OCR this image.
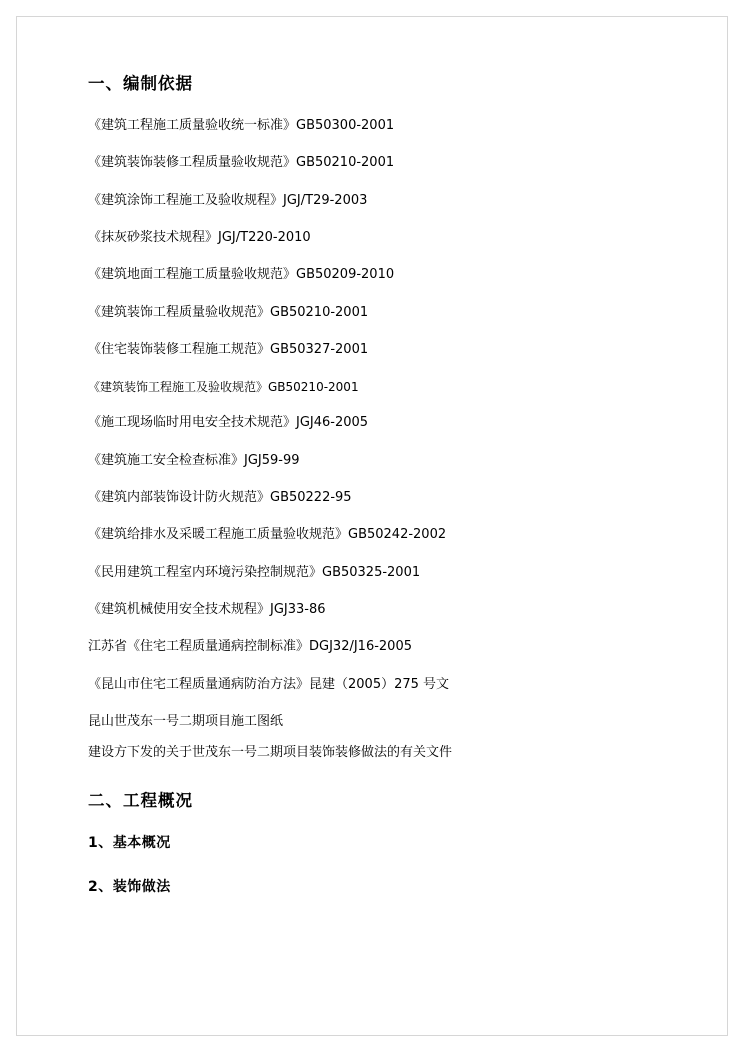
一、编制依据

《建筑工程施工质量验收统一标准》GB50300-2001

《建筑装饰装修工程质量验收规范》GB50210-2001

《建筑涂饰工程施工及验收规程》JGJ/T29-2003

《抹灰砂浆技术规程》JGJ/T220-2010

《建筑地面工程施工质量验收规范》GB50209-2010

《建筑装饰工程质量验收规范》GB50210-2001

《住宅装饰装修工程施工规范》GB50327-2001

《建筑装饰工程施工及验收规范》GB50210-2001

《施工现场临时用电安全技术规范》JGJ46-2005

《建筑施工安全检查标准》JGJ59-99

《建筑内部装饰设计防火规范》GB50222-95

《建筑给排水及采暖工程施工质量验收规范》GB50242-2002

《民用建筑工程室内环境污染控制规范》GB50325-2001

《建筑机械使用安全技术规程》JGJ33-86

江苏省《住宅工程质量通病控制标准》DGJ32/J16-2005

《昆山市住宅工程质量通病防治方法》昆建（2005）275 号文

昆山世茂东一号二期项目施工图纸

建设方下发的关于世茂东一号二期项目装饰装修做法的有关文件

二、工程概况
1、基本概况
2、装饰做法
